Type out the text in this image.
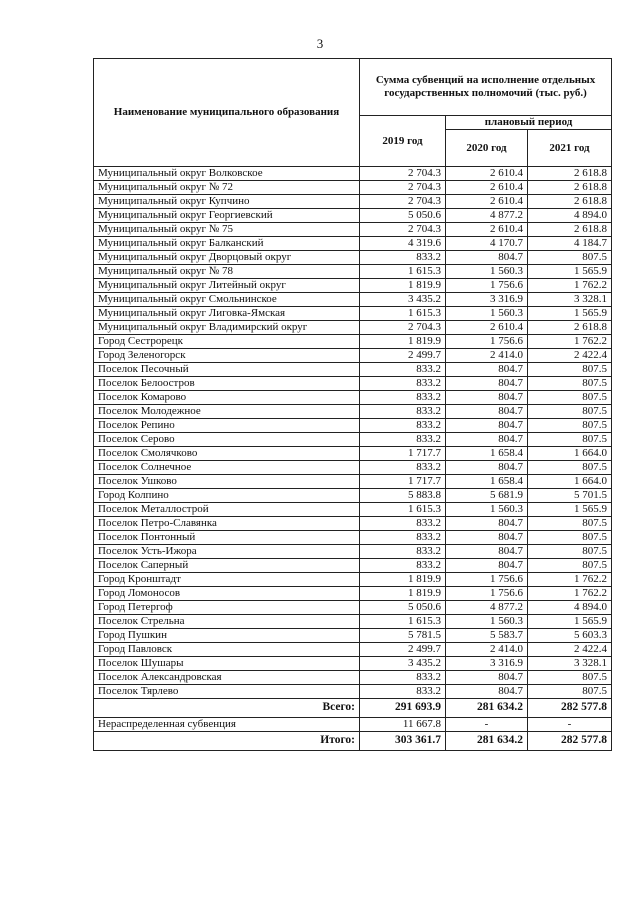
3
Наименование муниципального образования	Сумма субвенций на исполнение отдельных государственных полномочий (тыс. руб.)		
	2019 год	плановый период	
		2020 год	2021 год
Муниципальный округ Волковское	2 704.3	2 610.4	2 618.8
Муниципальный округ № 72	2 704.3	2 610.4	2 618.8
Муниципальный округ Купчино	2 704.3	2 610.4	2 618.8
Муниципальный округ Георгиевский	5 050.6	4 877.2	4 894.0
Муниципальный округ № 75	2 704.3	2 610.4	2 618.8
Муниципальный округ Балканский	4 319.6	4 170.7	4 184.7
Муниципальный округ Дворцовый округ	833.2	804.7	807.5
Муниципальный округ № 78	1 615.3	1 560.3	1 565.9
Муниципальный округ Литейный округ	1 819.9	1 756.6	1 762.2
Муниципальный округ Смольнинское	3 435.2	3 316.9	3 328.1
Муниципальный округ Лиговка-Ямская	1 615.3	1 560.3	1 565.9
Муниципальный округ Владимирский округ	2 704.3	2 610.4	2 618.8
Город Сестрорецк	1 819.9	1 756.6	1 762.2
Город Зеленогорск	2 499.7	2 414.0	2 422.4
Поселок Песочный	833.2	804.7	807.5
Поселок Белоостров	833.2	804.7	807.5
Поселок Комарово	833.2	804.7	807.5
Поселок Молодежное	833.2	804.7	807.5
Поселок Репино	833.2	804.7	807.5
Поселок Серово	833.2	804.7	807.5
Поселок Смолячково	1 717.7	1 658.4	1 664.0
Поселок Солнечное	833.2	804.7	807.5
Поселок Ушково	1 717.7	1 658.4	1 664.0
Город Колпино	5 883.8	5 681.9	5 701.5
Поселок Металлострой	1 615.3	1 560.3	1 565.9
Поселок Петро-Славянка	833.2	804.7	807.5
Поселок Понтонный	833.2	804.7	807.5
Поселок Усть-Ижора	833.2	804.7	807.5
Поселок Саперный	833.2	804.7	807.5
Город Кронштадт	1 819.9	1 756.6	1 762.2
Город Ломоносов	1 819.9	1 756.6	1 762.2
Город Петергоф	5 050.6	4 877.2	4 894.0
Поселок Стрельна	1 615.3	1 560.3	1 565.9
Город Пушкин	5 781.5	5 583.7	5 603.3
Город Павловск	2 499.7	2 414.0	2 422.4
Поселок Шушары	3 435.2	3 316.9	3 328.1
Поселок Александровская	833.2	804.7	807.5
Поселок Тярлево	833.2	804.7	807.5
Всего:	291 693.9	281 634.2	282 577.8
Нераспределенная субвенция	11 667.8	-	-
Итого:	303 361.7	281 634.2	282 577.8
